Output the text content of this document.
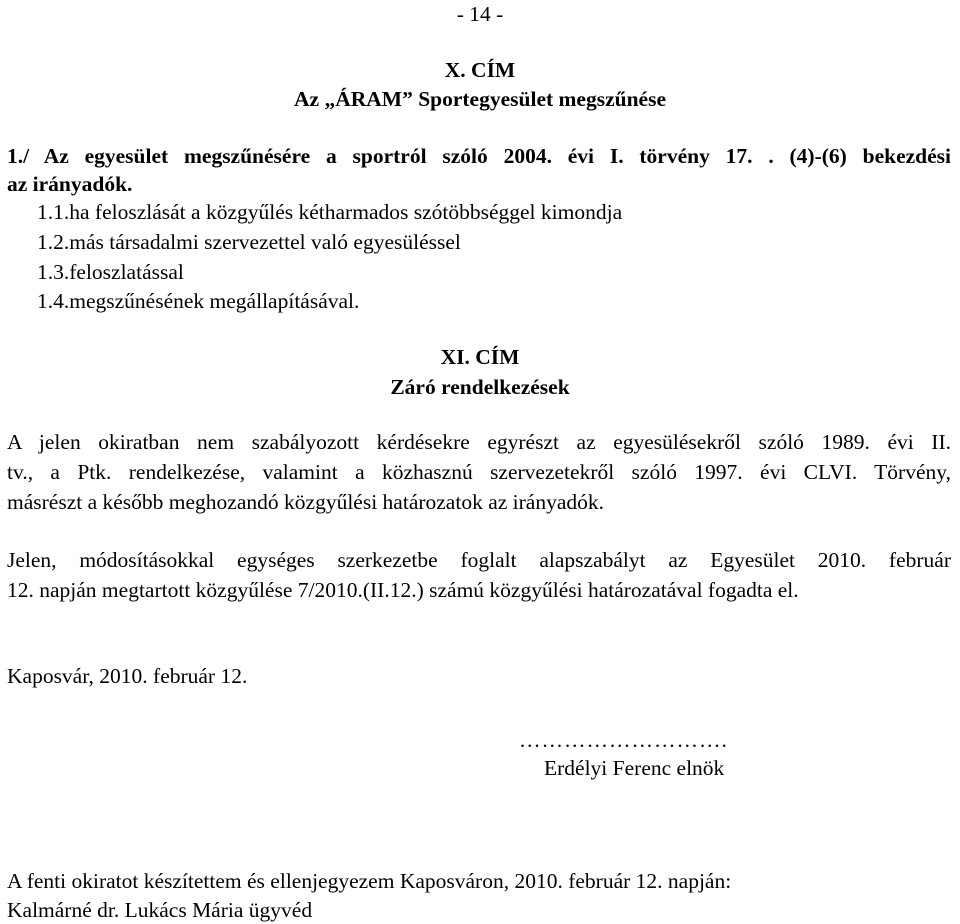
- 14 -
X. CÍM
Az „ÁRAM” Sportegyesület megszűnése
1./ Az egyesület megszűnésére a sportról szóló 2004. évi I. törvény 17. . (4)-(6) bekezdési
az irányadók.
1.1.ha feloszlását a közgyűlés kétharmados szótöbbséggel kimondja
1.2.más társadalmi szervezettel való egyesüléssel
1.3.feloszlatással
1.4.megszűnésének megállapításával.
XI. CÍM
Záró rendelkezések
A jelen okiratban nem szabályozott kérdésekre egyrészt az egyesülésekről szóló 1989. évi II.
tv., a Ptk. rendelkezése, valamint a közhasznú szervezetekről szóló 1997. évi CLVI. Törvény,
másrészt a később meghozandó közgyűlési határozatok az irányadók.
Jelen, módosításokkal egységes szerkezetbe foglalt alapszabályt az Egyesület 2010. február
12. napján megtartott közgyűlése 7/2010.(II.12.) számú közgyűlési határozatával fogadta el.
Kaposvár, 2010. február 12.
……………………….
Erdélyi Ferenc elnök
A fenti okiratot készítettem és ellenjegyezem Kaposváron, 2010. február 12. napján:
Kalmárné dr. Lukács Mária ügyvéd
